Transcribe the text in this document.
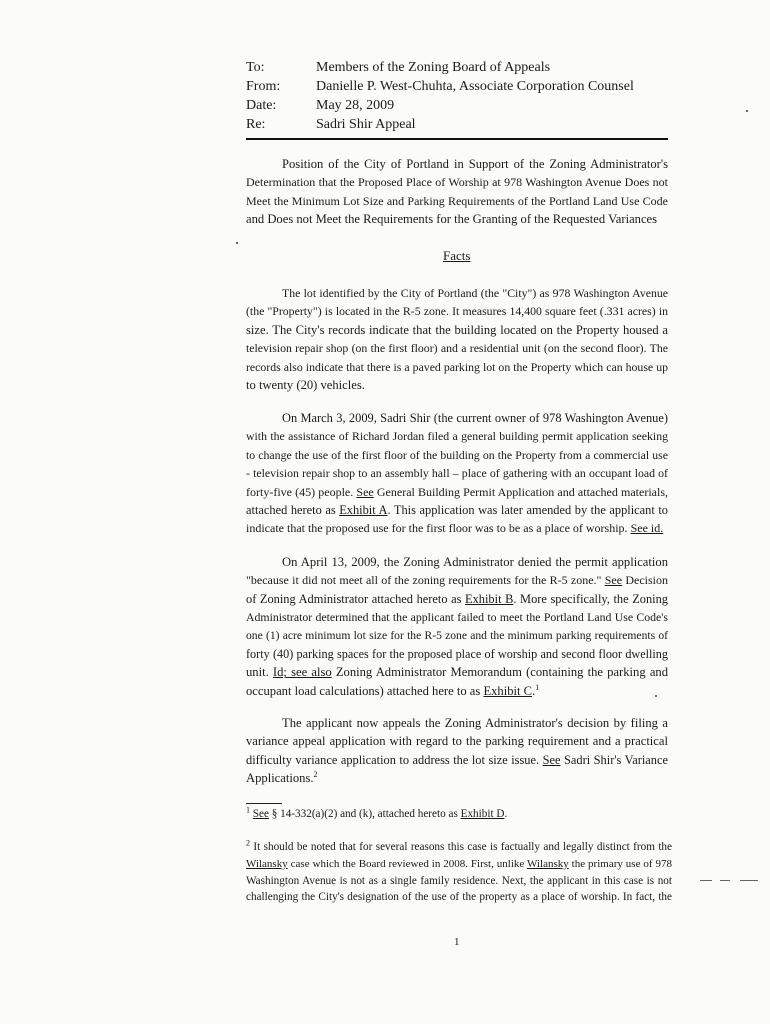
To:	Members of the Zoning Board of Appeals
From:	Danielle P. West-Chuhta, Associate Corporation Counsel
Date:	May 28, 2009
Re:	Sadri Shir Appeal
Position of the City of Portland in Support of the Zoning Administrator's
Determination that the Proposed Place of Worship at 978 Washington Avenue Does not
Meet the Minimum Lot Size and Parking Requirements of the Portland Land Use Code
and Does not Meet the Requirements for the Granting of the Requested Variances
Facts
The lot identified by the City of Portland (the "City") as 978 Washington Avenue
(the "Property") is located in the R-5 zone. It measures 14,400 square feet (.331 acres) in
size. The City's records indicate that the building located on the Property housed a
television repair shop (on the first floor) and a residential unit (on the second floor). The
records also indicate that there is a paved parking lot on the Property which can house up
to twenty (20) vehicles.
On March 3, 2009, Sadri Shir (the current owner of 978 Washington Avenue)
with the assistance of Richard Jordan filed a general building permit application seeking
to change the use of the first floor of the building on the Property from a commercial use
- television repair shop to an assembly hall – place of gathering with an occupant load of
forty-five (45) people. See General Building Permit Application and attached materials,
attached hereto as Exhibit A. This application was later amended by the applicant to
indicate that the proposed use for the first floor was to be as a place of worship. See id.
On April 13, 2009, the Zoning Administrator denied the permit application
"because it did not meet all of the zoning requirements for the R-5 zone." See Decision
of Zoning Administrator attached hereto as Exhibit B. More specifically, the Zoning
Administrator determined that the applicant failed to meet the Portland Land Use Code's
one (1) acre minimum lot size for the R-5 zone and the minimum parking requirements of
forty (40) parking spaces for the proposed place of worship and second floor dwelling
unit. Id; see also Zoning Administrator Memorandum (containing the parking and
occupant load calculations) attached here to as Exhibit C.$^1$
The applicant now appeals the Zoning Administrator's decision by filing a
variance appeal application with regard to the parking requirement and a practical
difficulty variance application to address the lot size issue. See Sadri Shir's Variance
Applications.$^2$
$^1$ See § 14-332(a)(2) and (k), attached hereto as Exhibit D.
$^2$ It should be noted that for several reasons this case is factually and legally distinct from the
Wilansky case which the Board reviewed in 2008. First, unlike Wilansky the primary use of 978
Washington Avenue is not as a single family residence. Next, the applicant in this case is not
challenging the City's designation of the use of the property as a place of worship. In fact, the
1
